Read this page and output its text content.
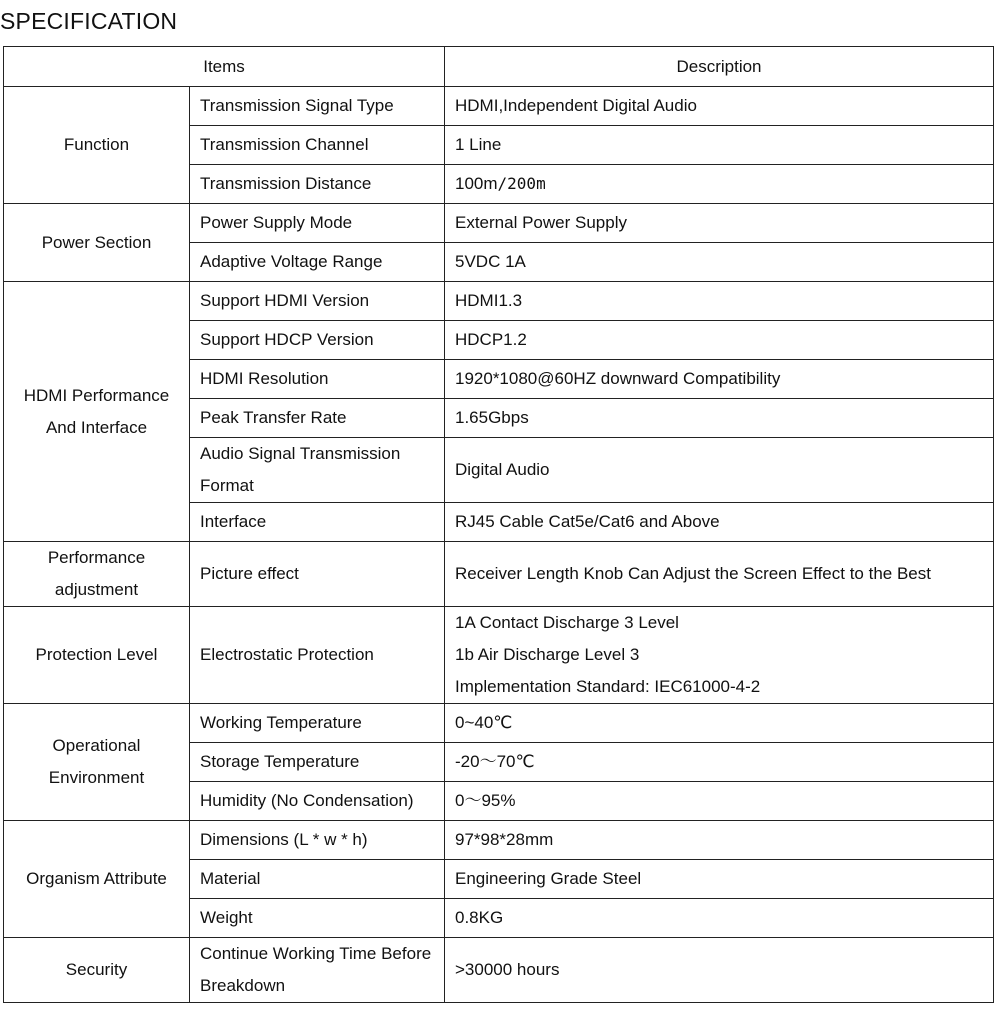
SPECIFICATION
Items		Description
Function	Transmission Signal Type	HDMI,Independent Digital Audio

	Transmission Channel	1 Line

	Transmission Distance	100m/200m
Power Section	Power Supply Mode	External Power Supply

	Adaptive Voltage Range	5VDC 1A

HDMI Performance And Interface	Support HDMI Version	HDMI1.3

	Support HDCP Version	HDCP1.2

	HDMI Resolution	1920*1080@60HZ downward Compatibility

	Peak Transfer Rate	1.65Gbps

	Audio Signal Transmission Format	Digital Audio

	Interface	RJ45 Cable Cat5e/Cat6 and Above

Performance adjustment	Picture effect	Receiver Length Knob Can Adjust the Screen Effect to the Best

Protection Level	Electrostatic Protection	1A Contact Discharge 3 Level
1b Air Discharge Level 3
Implementation Standard: IEC61000-4-2

Operational Environment	Working Temperature	0~40℃

	Storage Temperature	-20～70℃

	Humidity (No Condensation)	0～95%

Organism Attribute	Dimensions (L * w * h)	97*98*28mm

	Material	Engineering Grade Steel

	Weight	0.8KG

Security	Continue Working Time Before Breakdown	>30000 hours
